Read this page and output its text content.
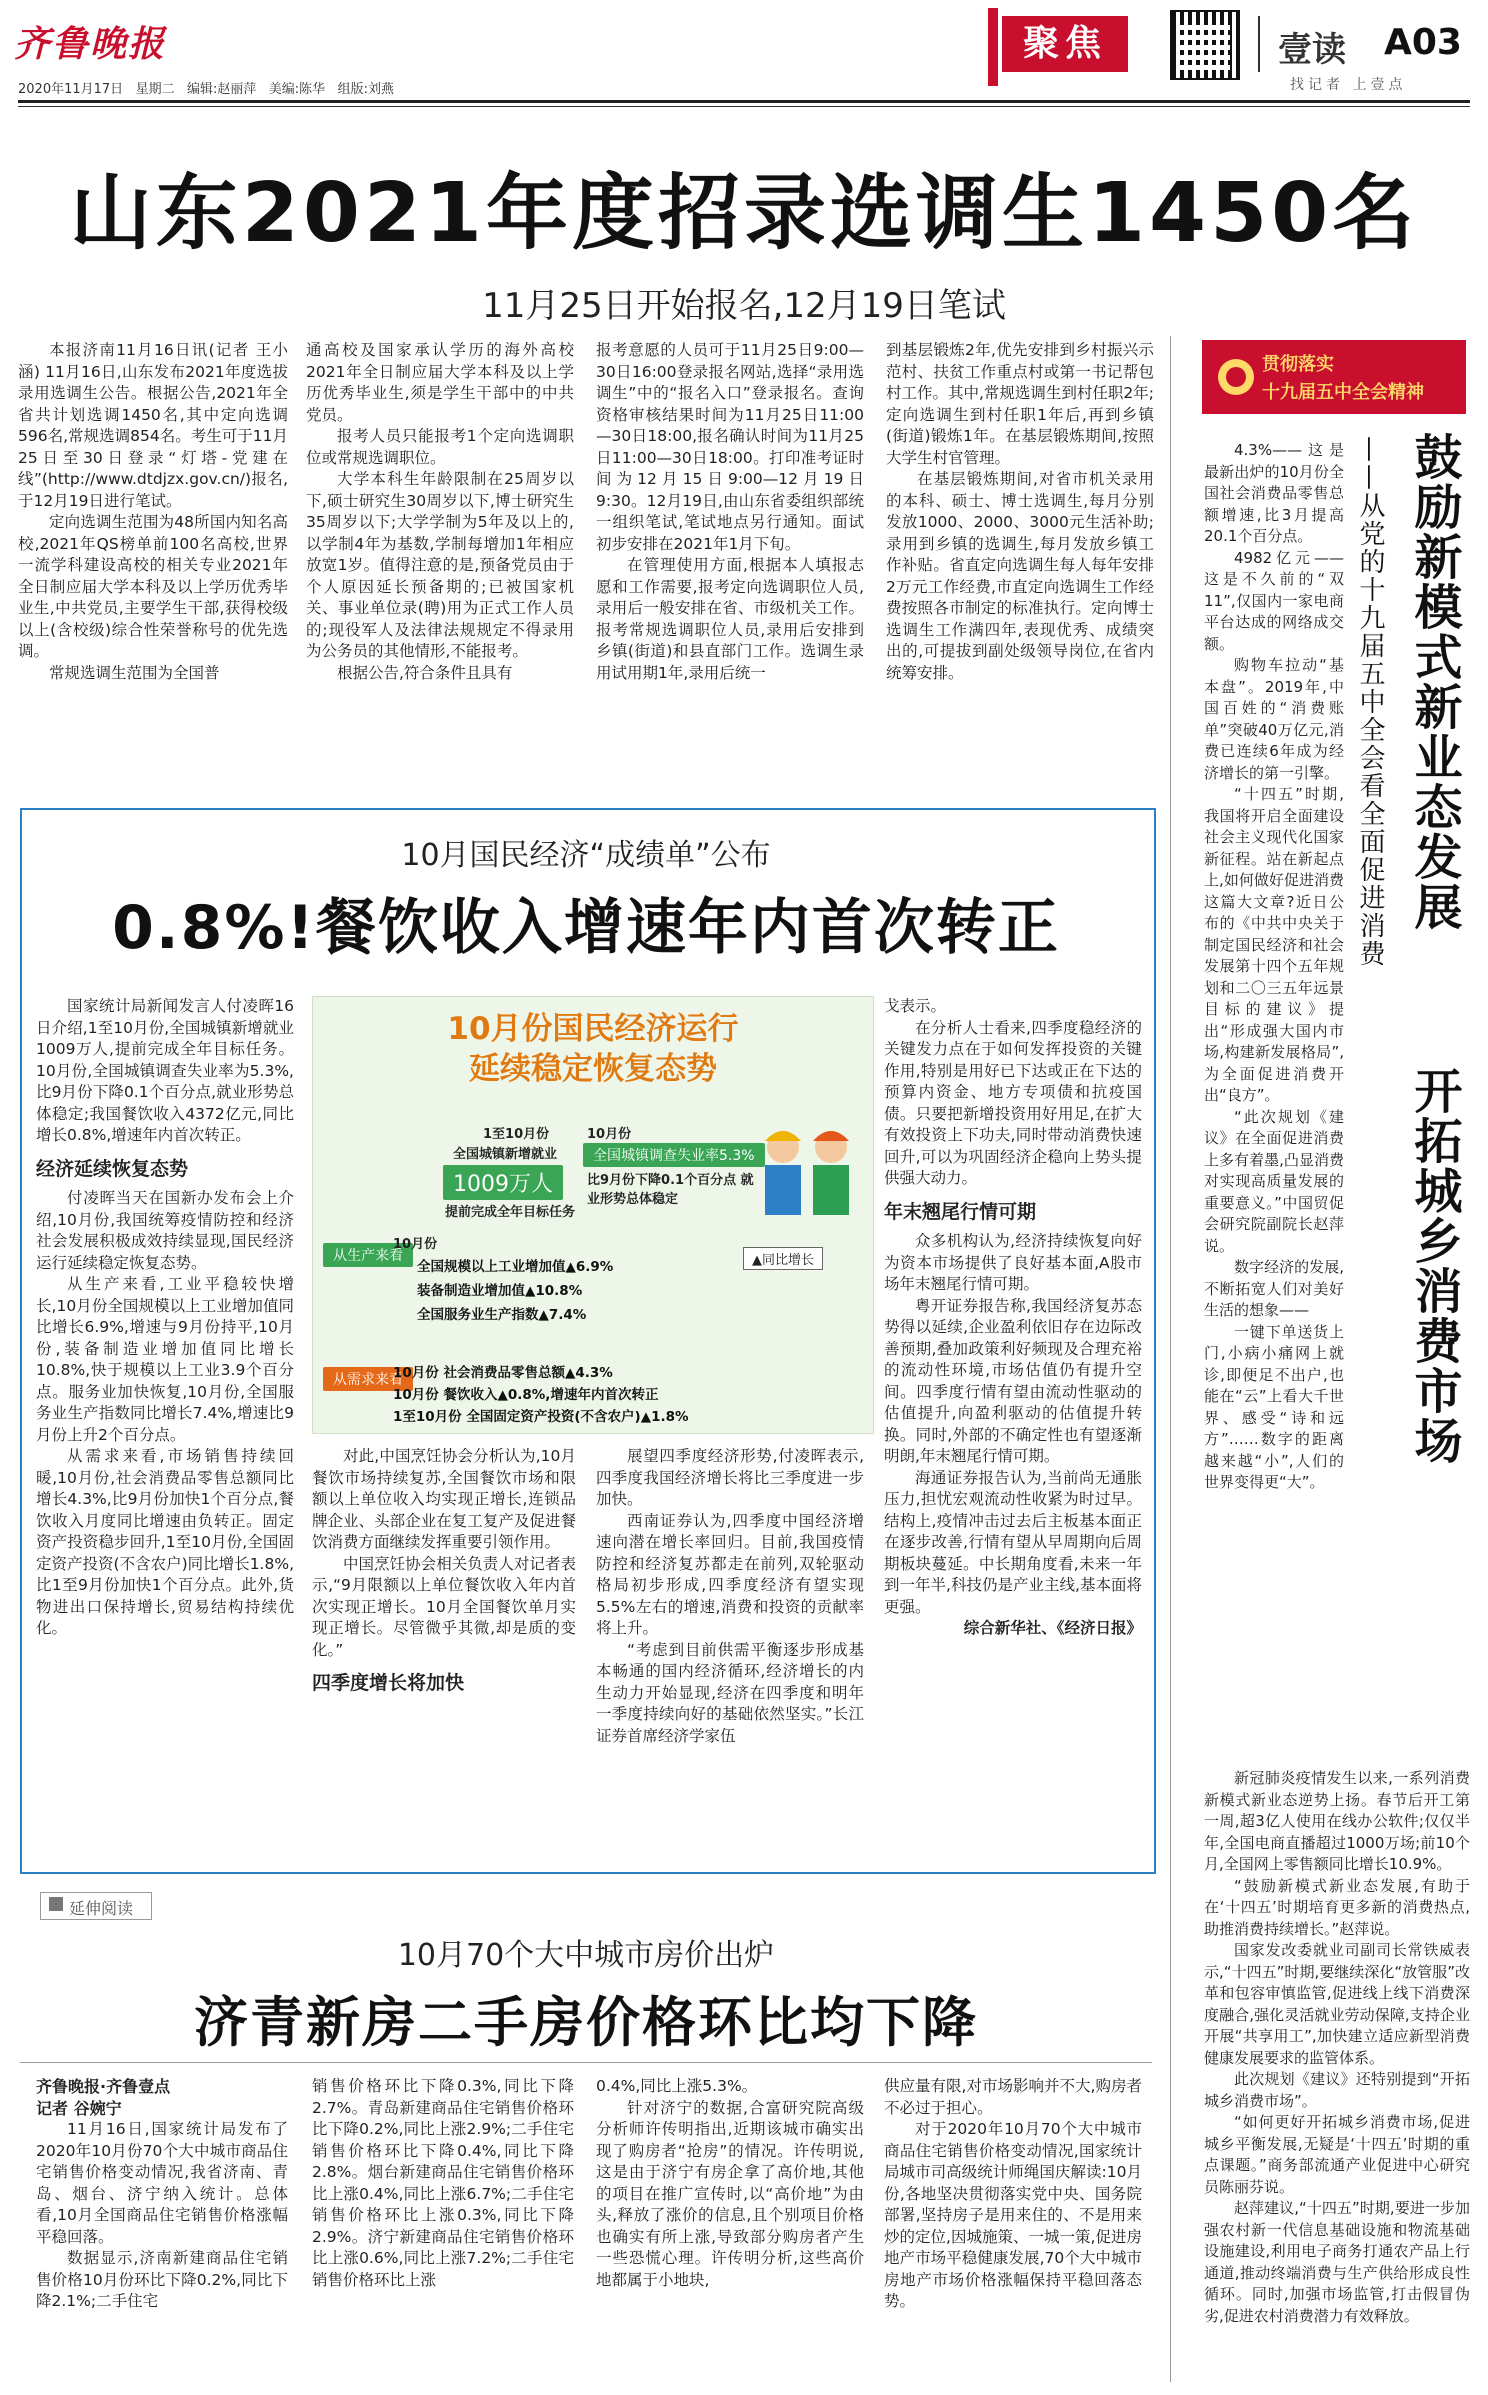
齐鲁晚报
2020年11月17日 星期二 编辑:赵丽萍 美编:陈华 组版:刘燕
聚焦	壹读 A03
找记者 上壹点
山东2021年度招录选调生1450名
11月25日开始报名,12月19日笔试

本报济南11月16日讯(记者 王小涵) 11月16日,山东发布2021年度选拔录用选调生公告。根据公告,2021年全省共计划选调1450名,其中定向选调596名,常规选调854名。考生可于11月25日至30日登录“灯塔-党建在线”(http://www.dtdjzx.gov.cn/)报名,于12月19日进行笔试。

定向选调生范围为48所国内知名高校,2021年QS榜单前100名高校,世界一流学科建设高校的相关专业2021年全日制应届大学本科及以上学历优秀毕业生,中共党员,主要学生干部,获得校级以上(含校级)综合性荣誉称号的优先选调。

常规选调生范围为全国普

通高校及国家承认学历的海外高校2021年全日制应届大学本科及以上学历优秀毕业生,须是学生干部中的中共党员。

报考人员只能报考1个定向选调职位或常规选调职位。

大学本科生年龄限制在25周岁以下,硕士研究生30周岁以下,博士研究生35周岁以下;大学学制为5年及以上的,以学制4年为基数,学制每增加1年相应放宽1岁。值得注意的是,预备党员由于个人原因延长预备期的;已被国家机关、事业单位录(聘)用为正式工作人员的;现役军人及法律法规规定不得录用为公务员的其他情形,不能报考。

根据公告,符合条件且具有

报考意愿的人员可于11月25日9:00—30日16:00登录报名网站,选择“录用选调生”中的“报名入口”登录报名。查询资格审核结果时间为11月25日11:00—30日18:00,报名确认时间为11月25日11:00—30日18:00。打印准考证时间为12月15日9:00—12月19日9:30。12月19日,由山东省委组织部统一组织笔试,笔试地点另行通知。面试初步安排在2021年1月下旬。

在管理使用方面,根据本人填报志愿和工作需要,报考定向选调职位人员,录用后一般安排在省、市级机关工作。报考常规选调职位人员,录用后安排到乡镇(街道)和县直部门工作。选调生录用试用期1年,录用后统一

到基层锻炼2年,优先安排到乡村振兴示范村、扶贫工作重点村或第一书记帮包村工作。其中,常规选调生到村任职2年;定向选调生到村任职1年后,再到乡镇(街道)锻炼1年。在基层锻炼期间,按照大学生村官管理。

在基层锻炼期间,对省市机关录用的本科、硕士、博士选调生,每月分别发放1000、2000、3000元生活补助;录用到乡镇的选调生,每月发放乡镇工作补贴。省直定向选调生每人每年安排2万元工作经费,市直定向选调生工作经费按照各市制定的标准执行。定向博士选调生工作满四年,表现优秀、成绩突出的,可提拔到副处级领导岗位,在省内统筹安排。

10月国民经济“成绩单”公布
0.8%!餐饮收入增速年内首次转正

国家统计局新闻发言人付凌晖16日介绍,1至10月份,全国城镇新增就业1009万人,提前完成全年目标任务。10月份,全国城镇调查失业率为5.3%,比9月份下降0.1个百分点,就业形势总体稳定;我国餐饮收入4372亿元,同比增长0.8%,增速年内首次转正。

经济延续恢复态势

付凌晖当天在国新办发布会上介绍,10月份,我国统筹疫情防控和经济社会发展积极成效持续显现,国民经济运行延续稳定恢复态势。

从生产来看,工业平稳较快增长,10月份全国规模以上工业增加值同比增长6.9%,增速与9月份持平,10月份,装备制造业增加值同比增长10.8%,快于规模以上工业3.9个百分点。服务业加快恢复,10月份,全国服务业生产指数同比增长7.4%,增速比9月份上升2个百分点。

从需求来看,市场销售持续回暖,10月份,社会消费品零售总额同比增长4.3%,比9月份加快1个百分点,餐饮收入月度同比增速由负转正。固定资产投资稳步回升,1至10月份,全国固定资产投资(不含农户)同比增长1.8%,比1至9月份加快1个百分点。此外,货物进出口保持增长,贸易结构持续优化。

10月份国民经济运行
延续稳定恢复态势
1至10月份
全国城镇新增就业
1009万人
提前完成全年目标任务
10月份
全国城镇调查失业率5.3%
比9月份下降0.1个百分点 就业形势总体稳定
从生产来看
10月份
全国规模以上工业增加值▲6.9%
装备制造业增加值▲10.8%
全国服务业生产指数▲7.4%
▲同比增长
从需求来看
10月份 社会消费品零售总额▲4.3%
10月份 餐饮收入▲0.8%,增速年内首次转正
1至10月份 全国固定资产投资(不含农户)▲1.8%

对此,中国烹饪协会分析认为,10月餐饮市场持续复苏,全国餐饮市场和限额以上单位收入均实现正增长,连锁品牌企业、头部企业在复工复产及促进餐饮消费方面继续发挥重要引领作用。

中国烹饪协会相关负责人对记者表示,“9月限额以上单位餐饮收入年内首次实现正增长。10月全国餐饮单月实现正增长。尽管微乎其微,却是质的变化。”

四季度增长将加快

展望四季度经济形势,付凌晖表示,四季度我国经济增长将比三季度进一步加快。

西南证券认为,四季度中国经济增速向潜在增长率回归。目前,我国疫情防控和经济复苏都走在前列,双轮驱动格局初步形成,四季度经济有望实现5.5%左右的增速,消费和投资的贡献率将上升。

“考虑到目前供需平衡逐步形成基本畅通的国内经济循环,经济增长的内生动力开始显现,经济在四季度和明年一季度持续向好的基础依然坚实。”长江证券首席经济学家伍

戈表示。

在分析人士看来,四季度稳经济的关键发力点在于如何发挥投资的关键作用,特别是用好已下达或正在下达的预算内资金、地方专项债和抗疫国债。只要把新增投资用好用足,在扩大有效投资上下功夫,同时带动消费快速回升,可以为巩固经济企稳向上势头提供强大动力。

年末翘尾行情可期

众多机构认为,经济持续恢复向好为资本市场提供了良好基本面,A股市场年末翘尾行情可期。

粤开证券报告称,我国经济复苏态势得以延续,企业盈利依旧存在边际改善预期,叠加政策利好频现及合理充裕的流动性环境,市场估值仍有提升空间。四季度行情有望由流动性驱动的估值提升,向盈利驱动的估值提升转换。同时,外部的不确定性也有望逐渐明朗,年末翘尾行情可期。

海通证券报告认为,当前尚无通胀压力,担忧宏观流动性收紧为时过早。结构上,疫情冲击过去后主板基本面正在逐步改善,行情有望从早周期向后周期板块蔓延。中长期角度看,未来一年到一年半,科技仍是产业主线,基本面将更强。

综合新华社、《经济日报》

延伸阅读
10月70个大中城市房价出炉
济青新房二手房价格环比均下降

齐鲁晚报·齐鲁壹点

记者 谷婉宁

11月16日,国家统计局发布了2020年10月份70个大中城市商品住宅销售价格变动情况,我省济南、青岛、烟台、济宁纳入统计。总体看,10月全国商品住宅销售价格涨幅平稳回落。

数据显示,济南新建商品住宅销售价格10月份环比下降0.2%,同比下降2.1%;二手住宅

销售价格环比下降0.3%,同比下降2.7%。青岛新建商品住宅销售价格环比下降0.2%,同比上涨2.9%;二手住宅销售价格环比下降0.4%,同比下降2.8%。烟台新建商品住宅销售价格环比上涨0.4%,同比上涨6.7%;二手住宅销售价格环比上涨0.3%,同比下降2.9%。济宁新建商品住宅销售价格环比上涨0.6%,同比上涨7.2%;二手住宅销售价格环比上涨

0.4%,同比上涨5.3%。

针对济宁的数据,合富研究院高级分析师许传明指出,近期该城市确实出现了购房者“抢房”的情况。许传明说,这是由于济宁有房企拿了高价地,其他的项目在推广宣传时,以“高价地”为由头,释放了涨价的信息,且个别项目价格也确实有所上涨,导致部分购房者产生一些恐慌心理。许传明分析,这些高价地都属于小地块,

供应量有限,对市场影响并不大,购房者不必过于担心。

对于2020年10月70个大中城市商品住宅销售价格变动情况,国家统计局城市司高级统计师绳国庆解读:10月份,各地坚决贯彻落实党中央、国务院部署,坚持房子是用来住的、不是用来炒的定位,因城施策、一城一策,促进房地产市场平稳健康发展,70个大中城市房地产市场价格涨幅保持平稳回落态势。

贯彻落实
十九届五中全会精神
鼓励新模式新业态发展
开拓城乡消费市场
——从党的十九届五中全会看全面促进消费

4.3%——这是最新出炉的10月份全国社会消费品零售总额增速,比3月提高20.1个百分点。

4982亿元——这是不久前的“双11”,仅国内一家电商平台达成的网络成交额。

购物车拉动“基本盘”。2019年,中国百姓的“消费账单”突破40万亿元,消费已连续6年成为经济增长的第一引擎。

“十四五”时期,我国将开启全面建设社会主义现代化国家新征程。站在新起点上,如何做好促进消费这篇大文章?近日公布的《中共中央关于制定国民经济和社会发展第十四个五年规划和二〇三五年远景目标的建议》提出“形成强大国内市场,构建新发展格局”,为全面促进消费开出“良方”。

“此次规划《建议》在全面促进消费上多有着墨,凸显消费对实现高质量发展的重要意义。”中国贸促会研究院副院长赵萍说。

数字经济的发展,不断拓宽人们对美好生活的想象——

一键下单送货上门,小病小痛网上就诊,即便足不出户,也能在“云”上看大千世界、感受“诗和远方”……数字的距离越来越“小”,人们的世界变得更“大”。

新冠肺炎疫情发生以来,一系列消费新模式新业态逆势上扬。春节后开工第一周,超3亿人使用在线办公软件;仅仅半年,全国电商直播超过1000万场;前10个月,全国网上零售额同比增长10.9%。

“鼓励新模式新业态发展,有助于在‘十四五’时期培育更多新的消费热点,助推消费持续增长。”赵萍说。

国家发改委就业司副司长常铁威表示,“十四五”时期,要继续深化“放管服”改革和包容审慎监管,促进线上线下消费深度融合,强化灵活就业劳动保障,支持企业开展“共享用工”,加快建立适应新型消费健康发展要求的监管体系。

此次规划《建议》还特别提到“开拓城乡消费市场”。

“如何更好开拓城乡消费市场,促进城乡平衡发展,无疑是‘十四五’时期的重点课题。”商务部流通产业促进中心研究员陈丽芬说。

赵萍建议,“十四五”时期,要进一步加强农村新一代信息基础设施和物流基础设施建设,利用电子商务打通农产品上行通道,推动终端消费与生产供给形成良性循环。同时,加强市场监管,打击假冒伪劣,促进农村消费潜力有效释放。
